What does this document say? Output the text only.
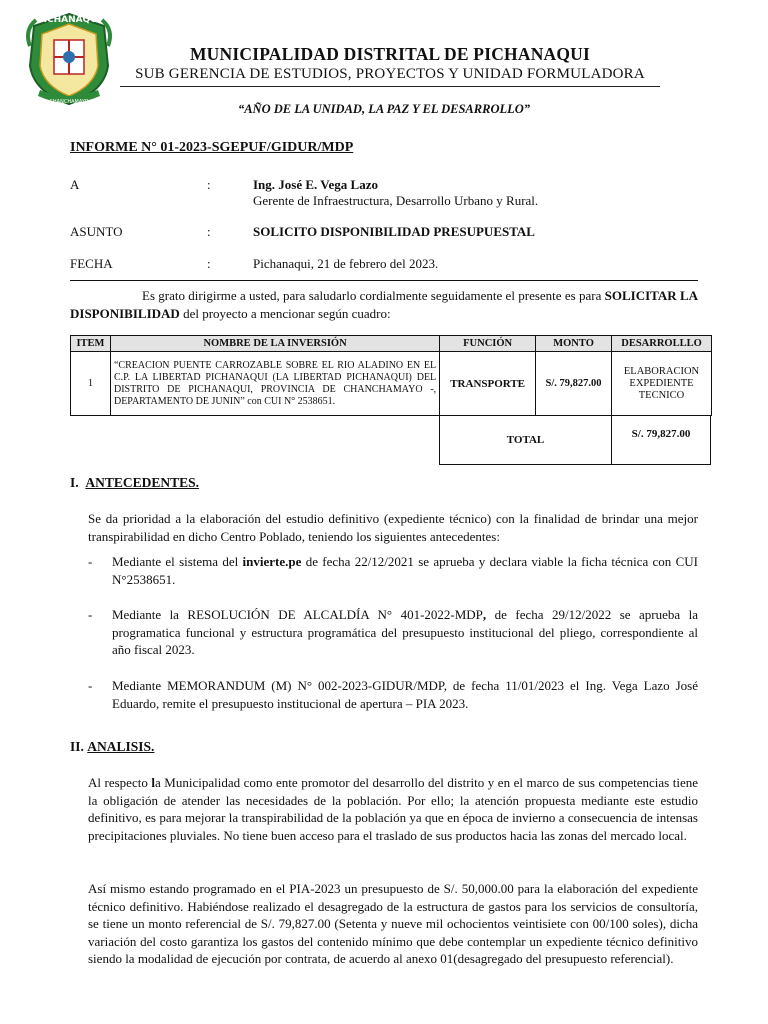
PICHANAQUI
CHANCHAMAYO
MUNICIPALIDAD DISTRITAL DE PICHANAQUI
SUB GERENCIA DE ESTUDIOS, PROYECTOS Y UNIDAD FORMULADORA
“AÑO DE LA UNIDAD, LA PAZ Y EL DESARROLLO”
INFORME N° 01-2023-SGEPUF/GIDUR/MDP
A	:	Ing. José E. Vega Lazo
Gerente de Infraestructura, Desarrollo Urbano y Rural.
ASUNTO	:	SOLICITO DISPONIBILIDAD PRESUPUESTAL
FECHA	:	Pichanaqui, 21 de febrero del 2023.
Es grato dirigirme a usted, para saludarlo cordialmente seguidamente el presente es para SOLICITAR LA DISPONIBILIDAD del proyecto a mencionar según cuadro:
ITEM	NOMBRE DE LA INVERSIÓN	FUNCIÓN	MONTO	DESARROLLLO
1	“CREACION PUENTE CARROZABLE SOBRE EL RIO ALADINO EN EL C.P. LA LIBERTAD PICHANAQUI (LA LIBERTAD PICHANAQUI) DEL DISTRITO DE PICHANAQUI, PROVINCIA DE CHANCHAMAYO -, DEPARTAMENTO DE JUNIN” con CUI N° 2538651.	TRANSPORTE	S/. 79,827.00	ELABORACION EXPEDIENTE TECNICO
TOTAL	S/. 79,827.00
I. ANTECEDENTES.
Se da prioridad a la elaboración del estudio definitivo (expediente técnico) con la finalidad de brindar una mejor transpirabilidad en dicho Centro Poblado, teniendo los siguientes antecedentes:
- Mediante el sistema del invierte.pe de fecha 22/12/2021 se aprueba y declara viable la ficha técnica con CUI N°2538651.
- Mediante la RESOLUCIÓN DE ALCALDÍA N° 401-2022-MDP, de fecha 29/12/2022 se aprueba la programatica funcional y estructura programática del presupuesto institucional del pliego, correspondiente al año fiscal 2023.
- Mediante MEMORANDUM (M) N° 002-2023-GIDUR/MDP, de fecha 11/01/2023 el Ing. Vega Lazo José Eduardo, remite el presupuesto institucional de apertura – PIA 2023.
II. ANALISIS.
Al respecto la Municipalidad como ente promotor del desarrollo del distrito y en el marco de sus competencias tiene la obligación de atender las necesidades de la población. Por ello; la atención propuesta mediante este estudio definitivo, es para mejorar la transpirabilidad de la población ya que en época de invierno a consecuencia de intensas precipitaciones pluviales. No tiene buen acceso para el traslado de sus productos hacia las zonas del mercado local.
Así mismo estando programado en el PIA-2023 un presupuesto de S/. 50,000.00 para la elaboración del expediente técnico definitivo. Habiéndose realizado el desagregado de la estructura de gastos para los servicios de consultoría, se tiene un monto referencial de S/. 79,827.00 (Setenta y nueve mil ochocientos veintisiete con 00/100 soles), dicha variación del costo garantiza los gastos del contenido mínimo que debe contemplar un expediente técnico definitivo siendo la modalidad de ejecución por contrata, de acuerdo al anexo 01(desagregado del presupuesto referencial).
